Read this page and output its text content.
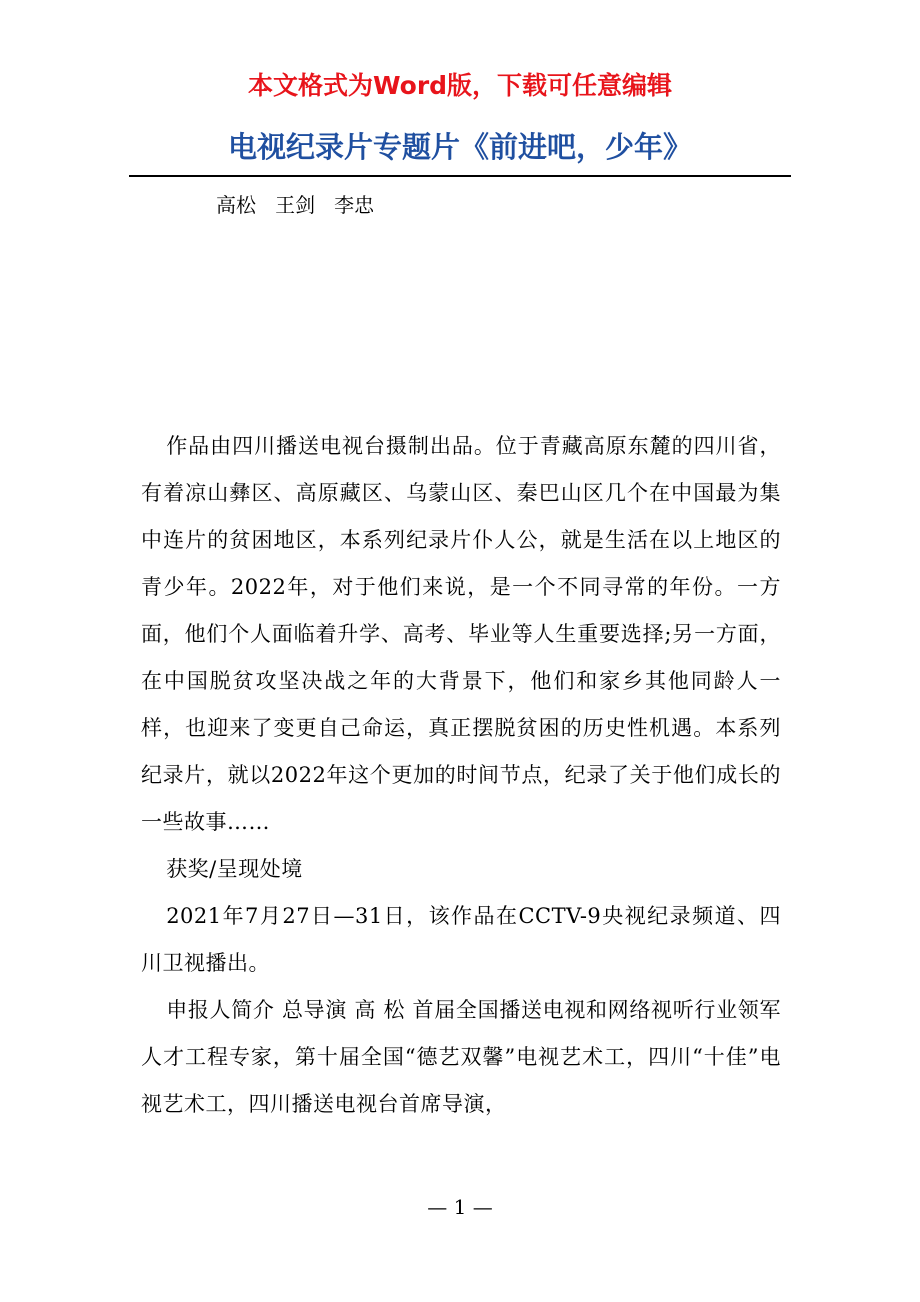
本文格式为Word版，下载可任意编辑
电视纪录片专题片《前进吧，少年》
高松   王剑   李忠

作品由四川播送电视台摄制出品。位于青藏高原东麓的四川省，有着凉山彝区、高原藏区、乌蒙山区、秦巴山区几个在中国最为集中连片的贫困地区，本系列纪录片仆人公，就是生活在以上地区的青少年。2022年，对于他们来说，是一个不同寻常的年份。一方面，他们个人面临着升学、高考、毕业等人生重要选择;另一方面，在中国脱贫攻坚决战之年的大背景下，他们和家乡其他同龄人一样，也迎来了变更自己命运，真正摆脱贫困的历史性机遇。本系列纪录片，就以2022年这个更加的时间节点，纪录了关于他们成长的一些故事……

获奖/呈现处境

2021年7月27日—31日，该作品在CCTV-9央视纪录频道、四川卫视播出。

申报人简介 总导演 高 松 首届全国播送电视和网络视听行业领军人才工程专家，第十届全国“德艺双馨”电视艺术工，四川“十佳”电视艺术工，四川播送电视台首席导演，

— 1 —
